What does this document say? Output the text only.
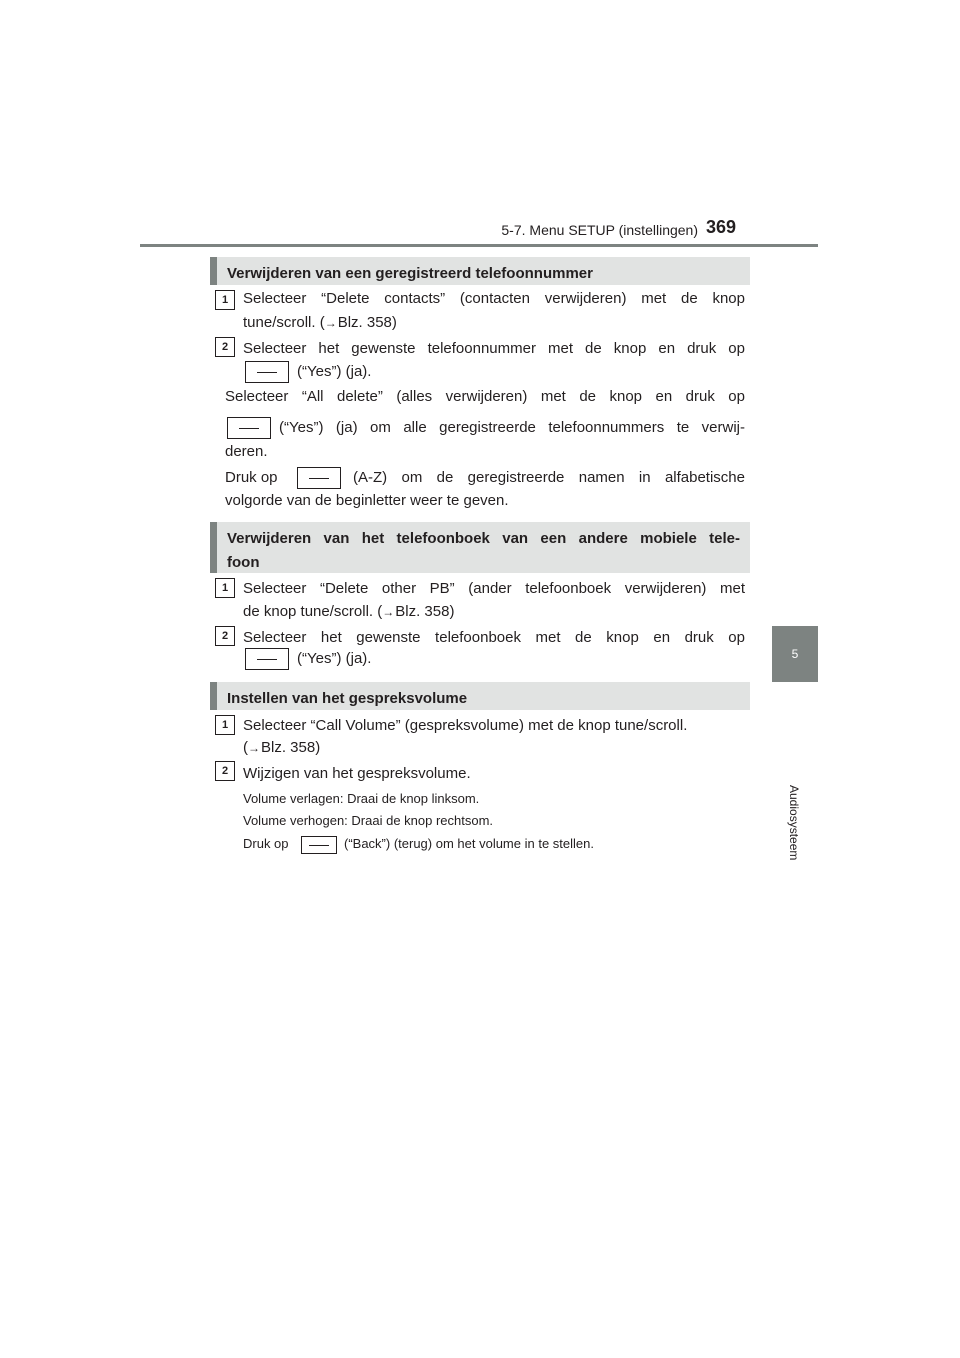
5-7. Menu SETUP (instellingen) 369
5
Audiosysteem
Verwijderen van een geregistreerd telefoonnummer
1 Selecteer “Delete contacts” (contacten verwijderen) met de knop
tune/scroll. (→Blz. 358)
2 Selecteer het gewenste telefoonnummer met de knop en druk op
(“Yes”) (ja).
Selecteer “All delete” (alles verwijderen) met de knop en druk op
(“Yes”) (ja) om alle geregistreerde telefoonnummers te verwij-
deren.
Druk op	(A-Z) om de geregistreerde namen in alfabetische
volgorde van de beginletter weer te geven.
Verwijderen van het telefoonboek van een andere mobiele tele-
foon
1 Selecteer “Delete other PB” (ander telefoonboek verwijderen) met
de knop tune/scroll. (→Blz. 358)
2 Selecteer het gewenste telefoonboek met de knop en druk op
(“Yes”) (ja).
Instellen van het gespreksvolume
1 Selecteer “Call Volume” (gespreksvolume) met de knop tune/scroll.
(→Blz. 358)
2 Wijzigen van het gespreksvolume.
Volume verlagen: Draai de knop linksom.
Volume verhogen: Draai de knop rechtsom.
Druk op	(“Back”) (terug) om het volume in te stellen.
